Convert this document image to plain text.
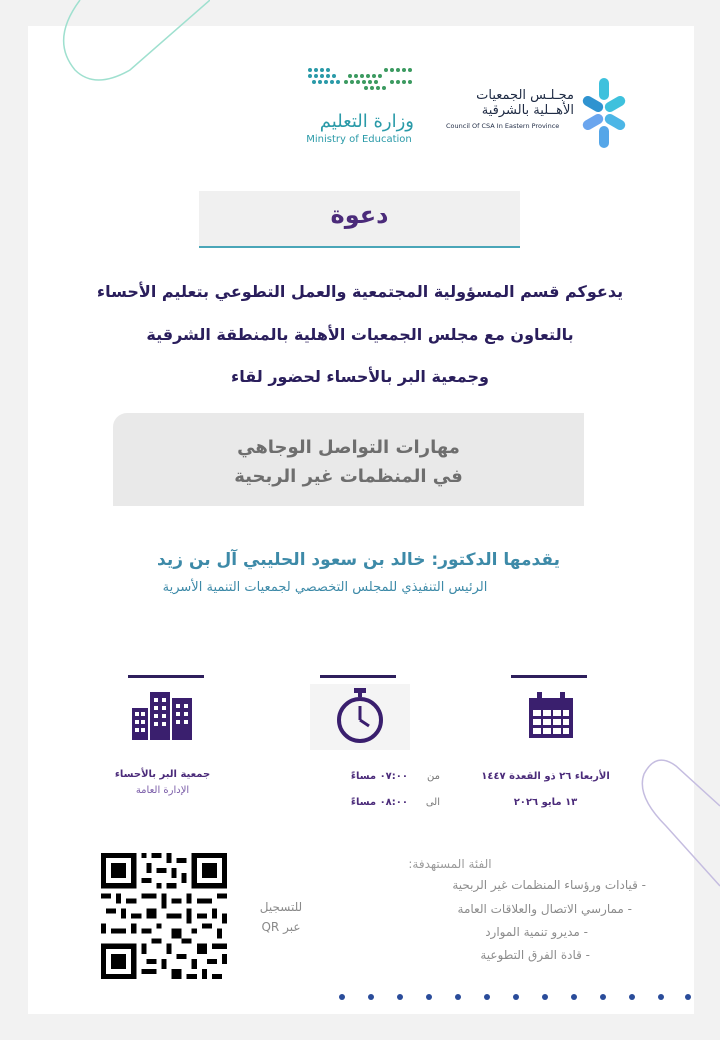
وزارة التعليم
Ministry of Education
مجـلـس الجمعيات
الأهــلية بالشرقية
Council Of CSA In Eastern Province
دعوة
يدعوكم قسم المسؤولية المجتمعية والعمل التطوعي بتعليم الأحساء
بالتعاون مع مجلس الجمعيات الأهلية بالمنطقة الشرقية
وجمعية البر بالأحساء لحضور لقاء
مهارات التواصل الوجاهي
في المنظمات غير الربحية
يقدمها الدكتور: خالد بن سعود الحليبي آل بن زيد
الرئيس التنفيذي للمجلس التخصصي لجمعيات التنمية الأسرية
جمعية البر بالأحساء
الإدارة العامة
من
٠٧:٠٠ مساءً
الى
٠٨:٠٠ مساءً
الأربعاء ٢٦ ذو القعدة ١٤٤٧
١٣ مايو ٢٠٢٦
للتسجيل
عبر QR
الفئة المستهدفة:
- قيادات ورؤساء المنظمات غير الربحية
- ممارسي الاتصال والعلاقات العامة
- مديرو تنمية الموارد
- قادة الفرق التطوعية
